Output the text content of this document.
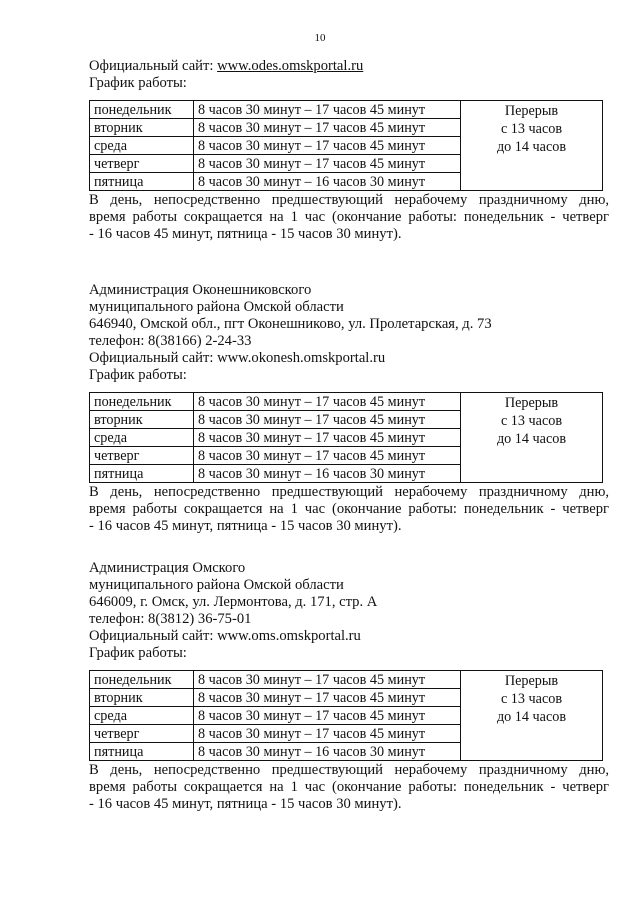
10
Официальный сайт: www.odes.omskportal.ru
График работы:
понедельник	8 часов 30 минут – 17 часов 45 минут	Перерыв
с 13 часов
до 14 часов

вторник	8 часов 30 минут – 17 часов 45 минут	
среда	8 часов 30 минут – 17 часов 45 минут	
четверг	8 часов 30 минут – 17 часов 45 минут	
пятница	8 часов 30 минут – 16 часов 30 минут	
В день, непосредственно предшествующий нерабочему праздничному дню,
время работы сокращается на 1 час (окончание работы: понедельник - четверг
- 16 часов 45 минут, пятница - 15 часов 30 минут).
Администрация Оконешниковского
муниципального района Омской области
646940, Омской обл., пгт Оконешниково, ул. Пролетарская, д. 73
телефон: 8(38166) 2-24-33
Официальный сайт: www.okonesh.omskportal.ru
График работы:
понедельник	8 часов 30 минут – 17 часов 45 минут	Перерыв
с 13 часов
до 14 часов

вторник	8 часов 30 минут – 17 часов 45 минут	
среда	8 часов 30 минут – 17 часов 45 минут	
четверг	8 часов 30 минут – 17 часов 45 минут	
пятница	8 часов 30 минут – 16 часов 30 минут	
В день, непосредственно предшествующий нерабочему праздничному дню,
время работы сокращается на 1 час (окончание работы: понедельник - четверг
- 16 часов 45 минут, пятница - 15 часов 30 минут).
Администрация Омского
муниципального района Омской области
646009, г. Омск, ул. Лермонтова, д. 171, стр. А
телефон: 8(3812) 36-75-01
Официальный сайт: www.oms.omskportal.ru
График работы:
понедельник	8 часов 30 минут – 17 часов 45 минут	Перерыв
с 13 часов
до 14 часов

вторник	8 часов 30 минут – 17 часов 45 минут	
среда	8 часов 30 минут – 17 часов 45 минут	
четверг	8 часов 30 минут – 17 часов 45 минут	
пятница	8 часов 30 минут – 16 часов 30 минут	
В день, непосредственно предшествующий нерабочему праздничному дню,
время работы сокращается на 1 час (окончание работы: понедельник - четверг
- 16 часов 45 минут, пятница - 15 часов 30 минут).
